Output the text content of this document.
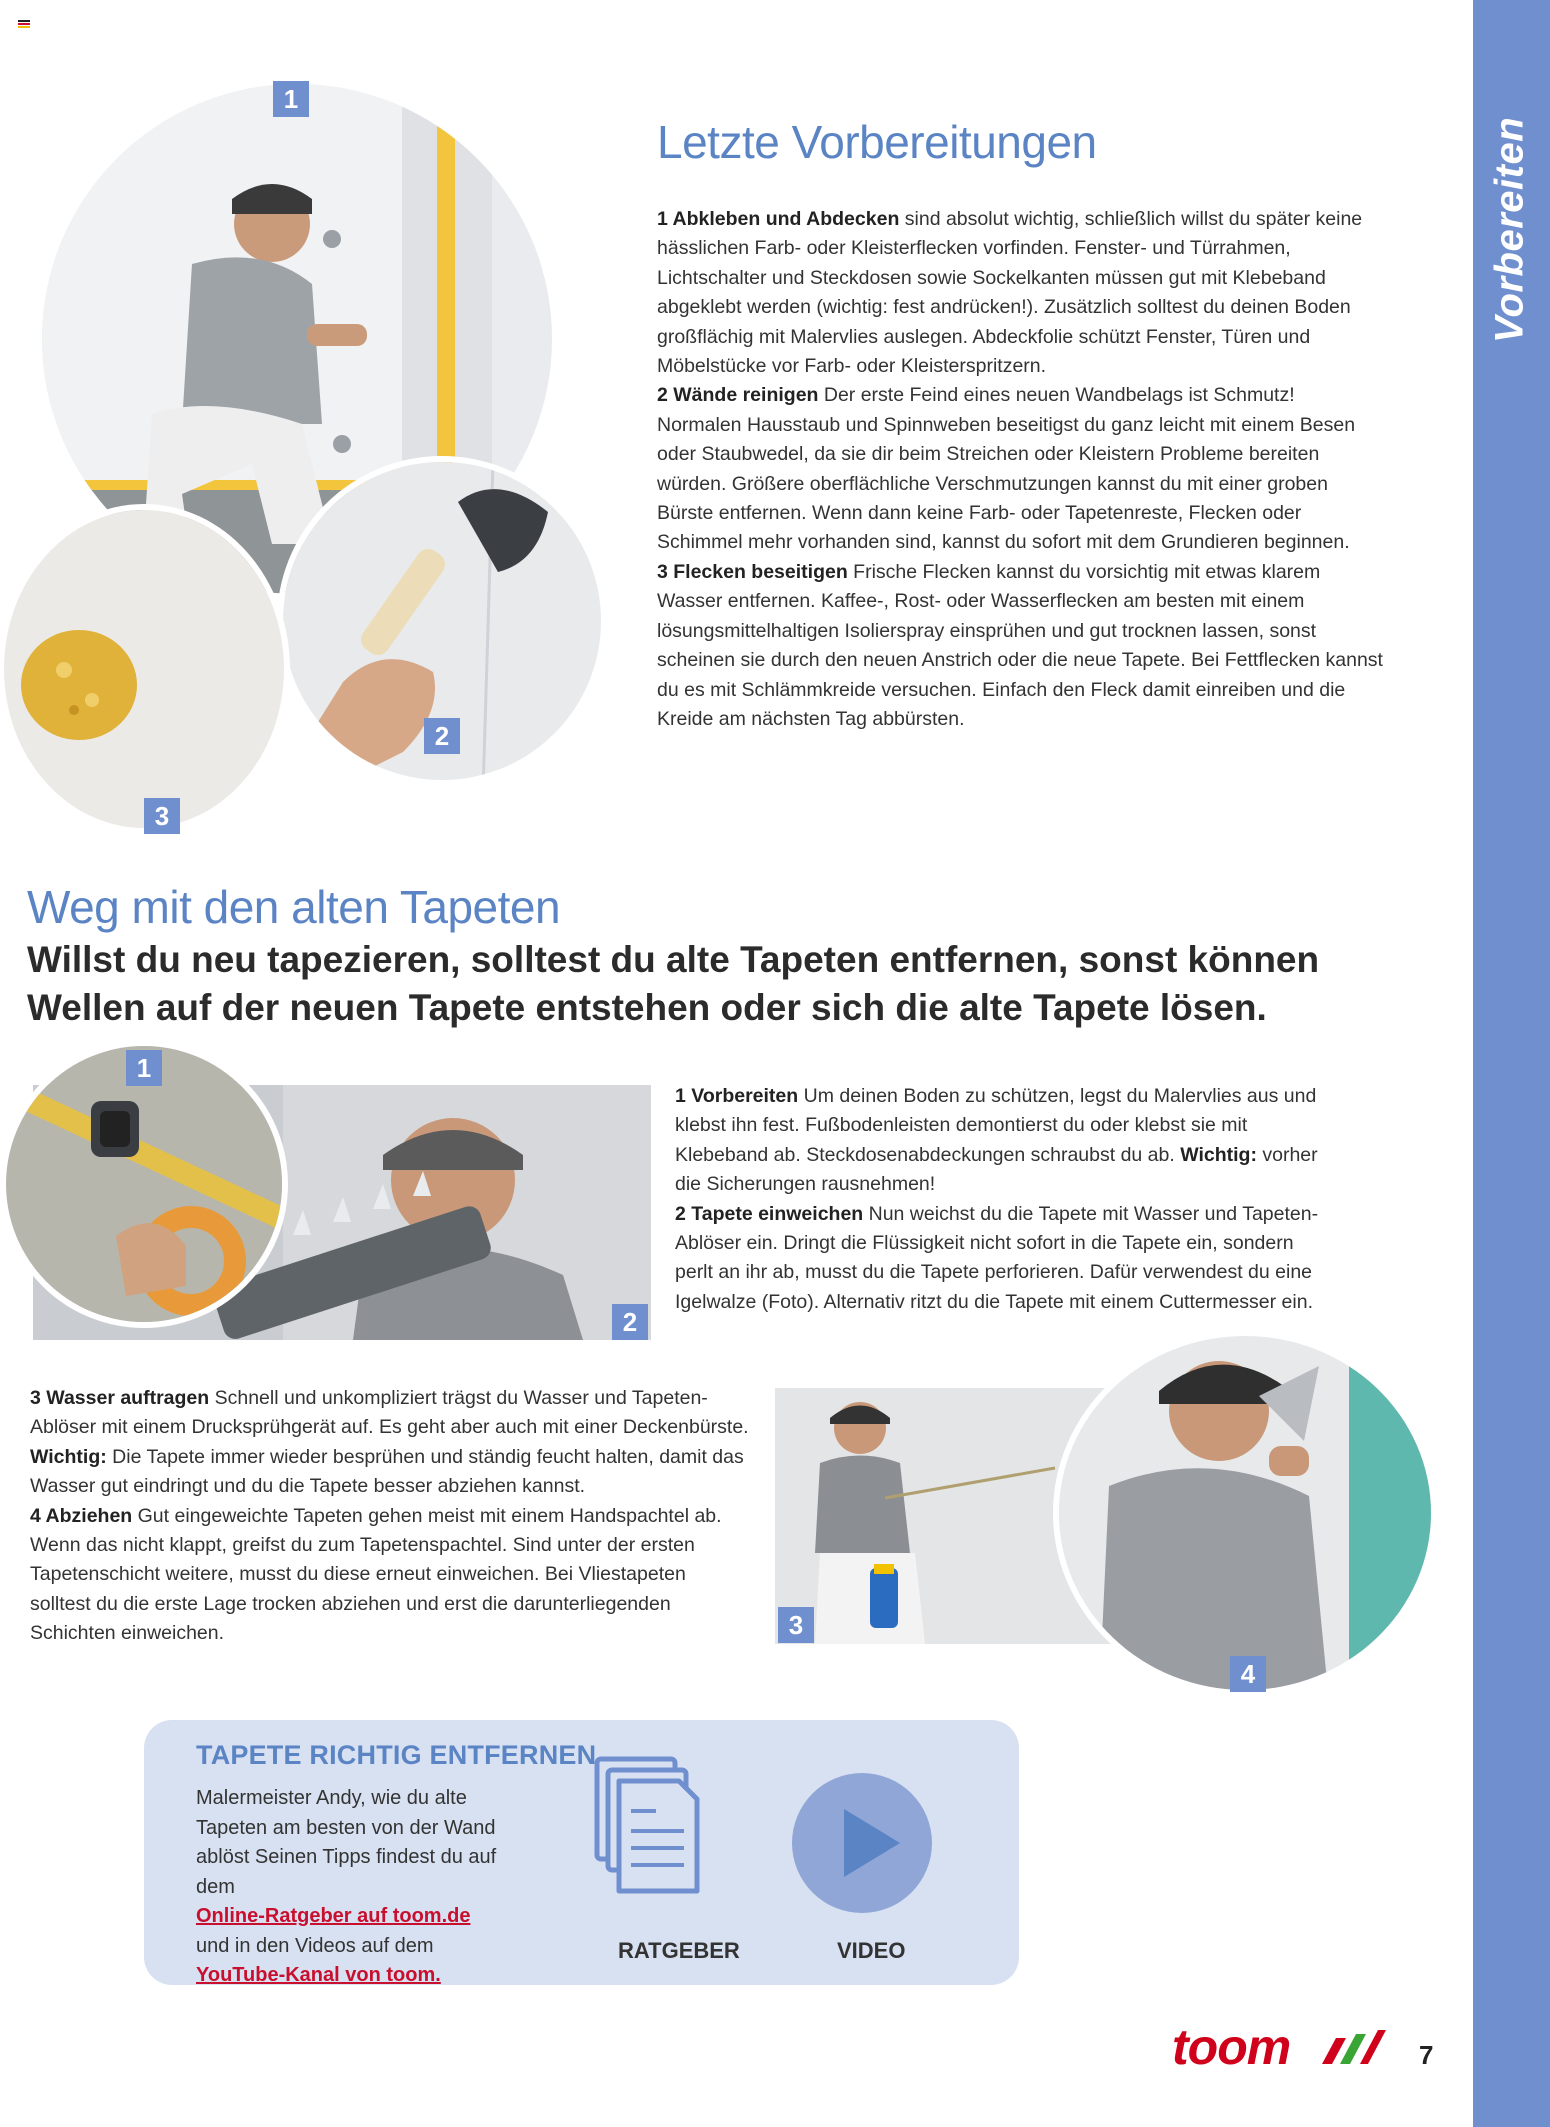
Vorbereiten
1
2
3
Letzte Vorbereitungen

1 Abkleben und Abdecken sind absolut wichtig, schließlich willst du später keine hässlichen Farb- oder Kleisterflecken vorfinden. Fenster- und Türrahmen, Lichtschalter und Steckdosen sowie Sockelkanten müssen gut mit Klebeband abgeklebt werden (wichtig: fest andrücken!). Zusätzlich solltest du deinen Boden großflächig mit Malervlies auslegen. Abdeckfolie schützt Fenster, Türen und Möbelstücke vor Farb- oder Kleisterspritzern.

2 Wände reinigen Der erste Feind eines neuen Wandbelags ist Schmutz! Normalen Hausstaub und Spinnweben beseitigst du ganz leicht mit einem Besen oder Staubwedel, da sie dir beim Streichen oder Kleistern Probleme bereiten würden. Größere oberflächliche Verschmutzungen kannst du mit einer groben Bürste entfernen. Wenn dann keine Farb- oder Tapetenreste, Flecken oder Schimmel mehr vorhanden sind, kannst du sofort mit dem Grundieren beginnen.

3 Flecken beseitigen Frische Flecken kannst du vorsichtig mit etwas klarem Wasser entfernen. Kaffee-, Rost- oder Wasserflecken am besten mit einem lösungsmittelhaltigen Isolierspray einsprühen und gut trocknen lassen, sonst scheinen sie durch den neuen Anstrich oder die neue Tapete. Bei Fettflecken kannst du es mit Schlämmkreide versuchen. Einfach den Fleck damit einreiben und die Kreide am nächsten Tag abbürsten.

Weg mit den alten Tapeten
Willst du neu tapezieren, solltest du alte Tapeten entfernen, sonst können Wellen auf der neuen Tapete entstehen oder sich die alte Tapete lösen.
2
1

1 Vorbereiten Um deinen Boden zu schützen, legst du Malervlies aus und klebst ihn fest. Fußbodenleisten demontierst du oder klebst sie mit Klebeband ab. Steckdosenabdeckungen schraubst du ab. Wichtig: vorher die Sicherungen rausnehmen!

2 Tapete einweichen Nun weichst du die Tapete mit Wasser und Tapeten-Ablöser ein. Dringt die Flüssigkeit nicht sofort in die Tapete ein, sondern perlt an ihr ab, musst du die Tapete perforieren. Dafür verwendest du eine Igelwalze (Foto). Alternativ ritzt du die Tapete mit einem Cuttermesser ein.

3 Wasser auftragen Schnell und unkompliziert trägst du Wasser und Tapeten-Ablöser mit einem Drucksprühgerät auf. Es geht aber auch mit einer Deckenbürste. Wichtig: Die Tapete immer wieder besprühen und ständig feucht halten, damit das Wasser gut eindringt und du die Tapete besser abziehen kannst.

4 Abziehen Gut eingeweichte Tapeten gehen meist mit einem Handspachtel ab. Wenn das nicht klappt, greifst du zum Tapetenspachtel. Sind unter der ersten Tapetenschicht weitere, musst du diese erneut einweichen. Bei Vliestapeten solltest du die erste Lage trocken abziehen und erst die darunterliegenden Schichten einweichen.	3
4
TAPETE RICHTIG ENTFERNEN
Malermeister Andy, wie du alte Tapeten am besten von der Wand ablöst Seinen Tipps findest du auf dem
Online-Ratgeber auf toom.de
und in den Videos auf dem
YouTube-Kanal von toom.
RATGEBER	VIDEO
toom	7
